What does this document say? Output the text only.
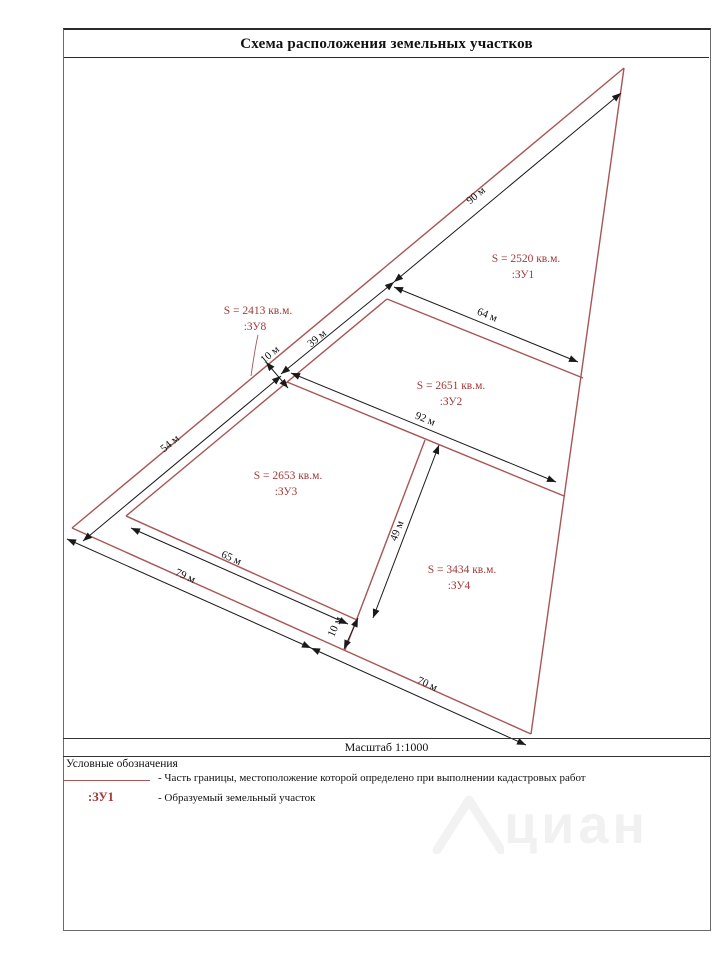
Схема расположения земельных участков
90 м
39 м
10 м
54 м
64 м
92 м
65 м
79 м
10 м
49 м
70 м
S = 2520 кв.м.
:ЗУ1
S = 2413 кв.м.
:ЗУ8
S = 2651 кв.м.
:ЗУ2
S = 2653 кв.м.
:ЗУ3
S = 3434 кв.м.
:ЗУ4
Масштаб 1:1000
Условные обозначения
- Часть границы, местоположение которой определено при выполнении кадастровых работ
:ЗУ1	- Образуемый земельный участок	циан
